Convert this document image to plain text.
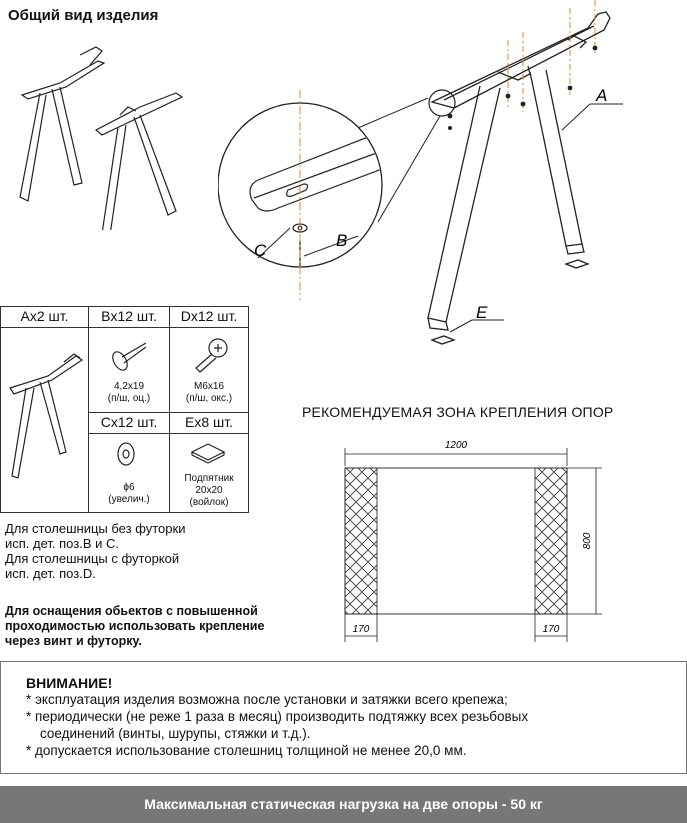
Общий вид изделия
A
E
C
B
Ax2 шт.	Bx12 шт.
4,2x19
(п/ш, оц.)
Dx12 шт.
М6x16
(п/ш, окс.)
Cx12 шт.
ϕ6
(увелич.)
Ex8 шт.
Подпятник
20x20
(войлок)
Для столешницы без футорки
исп. дет. поз.В и С.
Для столешницы с футоркой
исп. дет. поз.D.
Для оснащения обьектов с повышенной
проходимостью использовать крепление
через винт и футорку.
РЕКОМЕНДУЕМАЯ ЗОНА КРЕПЛЕНИЯ ОПОР
1200
800
170	170
ВНИМАНИЕ!
* эксплуатация изделия возможна после установки и затяжки всего крепежа;
* периодически (не реже 1 раза в месяц) производить подтяжку всех резьбовых
соединений (винты, шурупы, стяжки и т.д.).
* допускается использование столешниц толщиной не менее 20,0 мм.
Максимальная статическая нагрузка на две опоры - 50 кг
